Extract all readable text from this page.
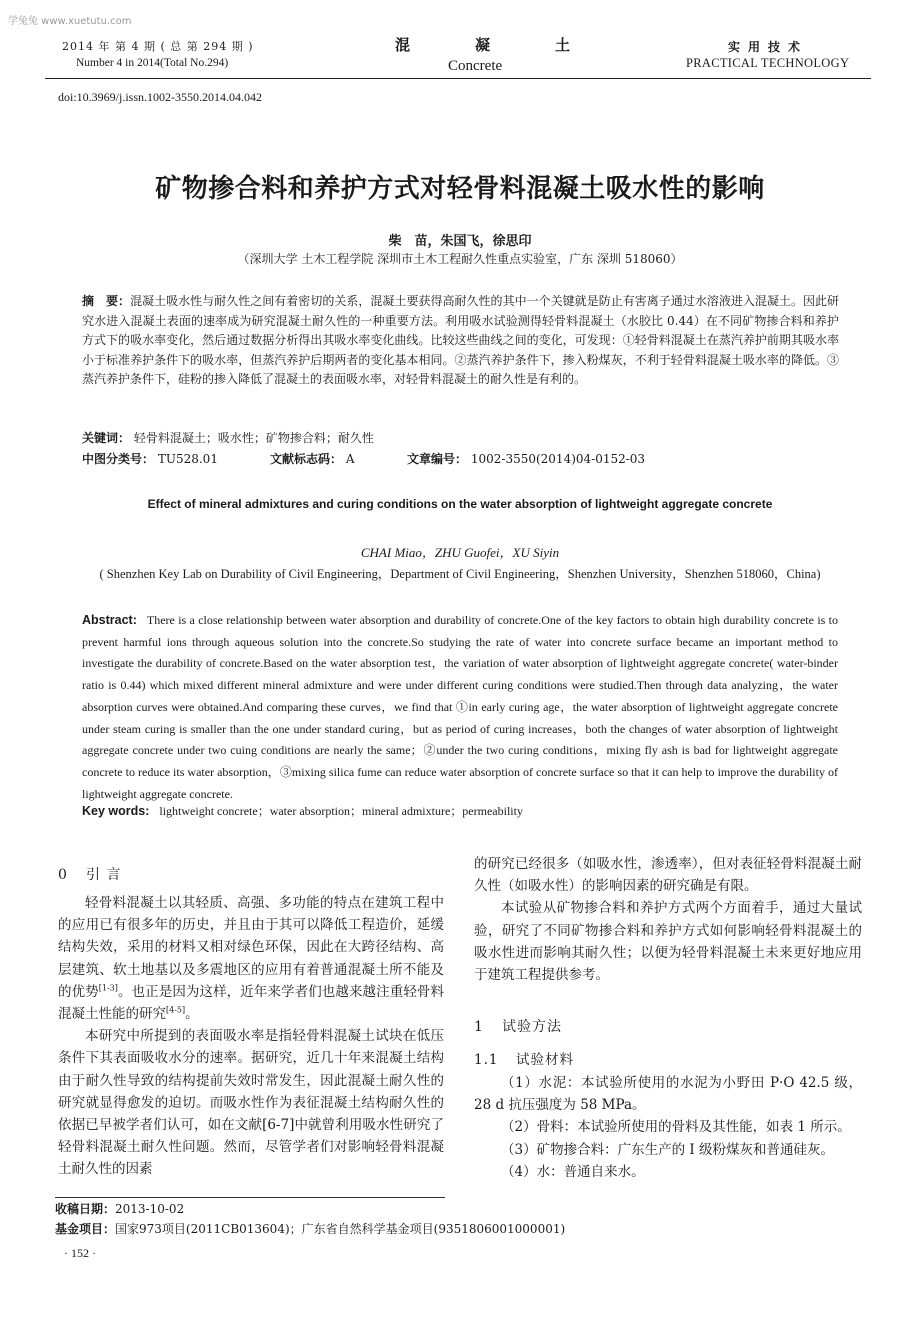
学兔兔 www.xuetutu.com
2014 年 第 4 期 ( 总 第 294 期 )
Number 4 in 2014(Total No.294)
混	凝	土
Concrete
实用技术
PRACTICAL TECHNOLOGY
doi:10.3969/j.issn.1002-3550.2014.04.042
矿物掺合料和养护方式对轻骨料混凝土吸水性的影响
柴　苗，朱国飞，徐思印
（深圳大学 土木工程学院 深圳市土木工程耐久性重点实验室，广东 深圳 518060）
摘　要：混凝土吸水性与耐久性之间有着密切的关系，混凝土要获得高耐久性的其中一个关键就是防止有害离子通过水溶液进入混凝土。因此研究水进入混凝土表面的速率成为研究混凝土耐久性的一种重要方法。利用吸水试验测得轻骨料混凝土（水胶比 0.44）在不同矿物掺合料和养护方式下的吸水率变化，然后通过数据分析得出其吸水率变化曲线。比较这些曲线之间的变化，可发现：①轻骨料混凝土在蒸汽养护前期其吸水率小于标准养护条件下的吸水率，但蒸汽养护后期两者的变化基本相同。②蒸汽养护条件下，掺入粉煤灰，不利于轻骨料混凝土吸水率的降低。③蒸汽养护条件下，硅粉的掺入降低了混凝土的表面吸水率，对轻骨料混凝土的耐久性是有利的。
关键词： 轻骨料混凝土；吸水性；矿物掺合料；耐久性
中图分类号： TU528.01	文献标志码： A	文章编号： 1002-3550(2014)04-0152-03
Effect of mineral admixtures and curing conditions on the water absorption of lightweight aggregate concrete
CHAI Miao，ZHU Guofei，XU Siyin
( Shenzhen Key Lab on Durability of Civil Engineering，Department of Civil Engineering，Shenzhen University，Shenzhen 518060，China)
Abstract: There is a close relationship between water absorption and durability of concrete.One of the key factors to obtain high durability concrete is to prevent harmful ions through aqueous solution into the concrete.So studying the rate of water into concrete surface became an important method to investigate the durability of concrete.Based on the water absorption test，the variation of water absorption of lightweight aggregate concrete( water-binder ratio is 0.44) which mixed different mineral admixture and were under different curing conditions were studied.Then through data analyzing，the water absorption curves were obtained.And comparing these curves，we find that ①in early curing age，the water absorption of lightweight aggregate concrete under steam curing is smaller than the one under standard curing，but as period of curing increases，both the changes of water absorption of lightweight aggregate concrete under two cuing conditions are nearly the same；②under the two curing conditions，mixing fly ash is bad for lightweight aggregate concrete to reduce its water absorption，③mixing silica fume can reduce water absorption of concrete surface so that it can help to improve the durability of lightweight aggregate concrete.
Key words: lightweight concrete；water absorption；mineral admixture；permeability
0 引 言

轻骨料混凝土以其轻质、高强、多功能的特点在建筑工程中的应用已有很多年的历史，并且由于其可以降低工程造价，延缓结构失效，采用的材料又相对绿色环保，因此在大跨径结构、高层建筑、软土地基以及多震地区的应用有着普通混凝土所不能及的优势[1-3]。也正是因为这样，近年来学者们也越来越注重轻骨料混凝土性能的研究[4-5]。

本研究中所提到的表面吸水率是指轻骨料混凝土试块在低压条件下其表面吸收水分的速率。据研究，近几十年来混凝土结构由于耐久性导致的结构提前失效时常发生，因此混凝土耐久性的研究就显得愈发的迫切。而吸水性作为表征混凝土结构耐久性的依据已早被学者们认可，如在文献[6-7]中就曾利用吸水性研究了轻骨料混凝土耐久性问题。然而，尽管学者们对影响轻骨料混凝土耐久性的因素

的研究已经很多（如吸水性，渗透率），但对表征轻骨料混凝土耐久性（如吸水性）的影响因素的研究确是有限。

本试验从矿物掺合料和养护方式两个方面着手，通过大量试验，研究了不同矿物掺合料和养护方式如何影响轻骨料混凝土的吸水性进而影响其耐久性；以便为轻骨料混凝土未来更好地应用于建筑工程提供参考。

1 试验方法
1.1 试验材料

（1）水泥：本试验所使用的水泥为小野田 P·O 42.5 级，28 d 抗压强度为 58 MPa。

（2）骨料：本试验所使用的骨料及其性能，如表 1 所示。

（3）矿物掺合料：广东生产的 I 级粉煤灰和普通硅灰。

（4）水：普通自来水。

收稿日期：2013-10-02
基金项目：国家973项目(2011CB013604)；广东省自然科学基金项目(9351806001000001)
· 152 ·
